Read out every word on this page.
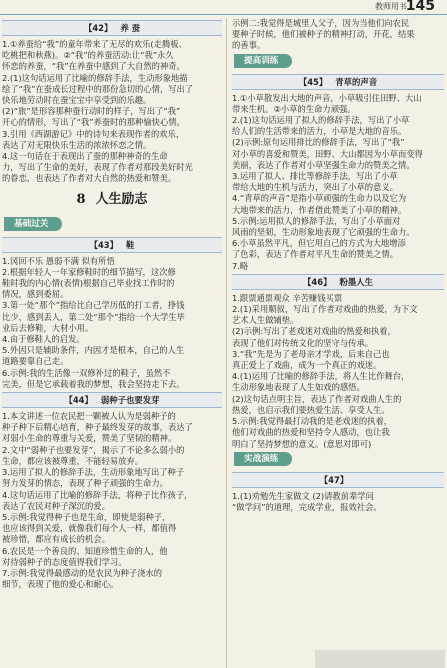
教师用书
145
【42】 养 蚕

1.①养蚕给“我”的童年带来了无尽的欢乐(走腾板、

吃桃把和秋燕)。②“我”的养蚕活动:让“我”永久

怀恋的养蚕，“我”在养蚕中感到了大自然的神奇。

2.(1)这句话运用了比喻的修辞手法，生动形象地描

绘了“我”在蚕成长过程中的那份急切的心情，写出了

快乐地劳动时在蚕宝宝中享受到的乐趣。

(2)“旅”是形容那种蚕行动时的样子，写出了“我”

开心的情形，写出了“我”养蚕时的那种愉快心情。

3.引用《西湖游记》中的诗句来表现作者的欢乐，

表达了对无限快乐生活的浓浓怀恋之情。

4.这一句话在于表现出了蚕的那种神奇的生命

力，写出了生命的美好，表现了作者对那段美好时光

的眷恋，也表达了作者对大自然的热爱和赞美。

8 人生励志
基础过关
【43】 鞋

1.冈回不乐 愚弱不满 似有所悟

2.根据年轻人一年家修鞋时的细节描写，这次修

鞋时我的内心情(表情)根据自己毕业找工作时的

情况，感到委屈。

3.第一处“那个”指给比自己学历低的打工者，挣钱

比少，感到丢人，第二处“那个”指给一个大学生毕

业后去修鞋，大材小用。

4.由于修鞋人的启发。

5.外因只是辅助条件，内因才是根本，自己的人生

道路要靠自己走。

6.示例:我的生活像一双修补过的鞋子，虽然不

完美，但是它承载着我的梦想，我会坚持走下去。

【44】 弱种子也要发芽

1.本文讲述一位农民把一颗被人认为是弱种子的

种子种下后精心培育，种子最终发芽的故事，表达了

对弱小生命的尊重与关爱，赞美了坚韧的精神。

2.文中“弱种子也要发芽”，揭示了不论多么弱小的

生命，都应该被尊重，不能轻易放弃。

3.运用了拟人的修辞手法，生动形象地写出了种子

努力发芽的情态，表现了种子顽强的生命力。

4.这句话运用了比喻的修辞手法，将种子比作孩子，

表达了农民对种子深沉的爱。

5.示例:我觉得种子也是生命，即使是弱种子，

也应该得到关爱，就像我们每个人一样，都值得

被珍惜，都应有成长的机会。

6.农民是一个善良的、知道珍惜生命的人，他

对待弱种子的态度值得我们学习。

7.示例:我觉得最感动的是农民为种子浇水的

细节，表现了他的爱心和耐心。

示例二:我觉得是城里人父子，因为当他们向农民

要种子时候，他们被种子的精神打动，开花，结果

的善事。

提高训练
【45】 青草的声音

1.①小草散发出大地的声音，小草吸引住田野、大山

带来生机。②小草的生命力顽强。

2.(1)这句话运用了拟人的修辞手法，写出了小草

给人们的生活带来的活力，小草是大地的音乐。

(2)示例:原句运用排比的修辞手法，写出了“我”

对小草的喜爱和赞美，田野、大山都因为小草而变得

美丽，表达了作者对小草坚强生命力的赞美之情。

3.运用了拟人、排比等修辞手法，写出了小草

带给大地的生机与活力，突出了小草的意义。

4.“青草的声音”是指小草顽强的生命力以及它为

大地带来的活力，作者借此赞美了小草的精神。

5.示例:运用拟人的修辞手法，写出了小草面对

风雨的坚韧，生动形象地表现了它顽强的生命力。

6.小草虽然平凡，但它用自己的方式为大地增添

了色彩，表达了作者对平凡生命的赞美之情。

7.略

【46】 粉墨人生

1.跟票通票观众 辛苦赚钱买票

2.(1)采用顺叙，写出了作者对戏曲的热爱，为下文

艺术人生做铺垫。

(2)示例:写出了老戏迷对戏曲的热爱和执着，

表现了他们对传统文化的坚守与传承。

3.“我”先是为了老母亲才学戏，后来自己也

真正爱上了戏曲，成为一个真正的戏迷。

4.(1)运用了比喻的修辞手法，将人生比作舞台，

生动形象地表现了人生如戏的感悟。

(2)这句话点明主旨，表达了作者对戏曲人生的

热爱，也启示我们要热爱生活、享受人生。

5.示例:我觉得最打动我的是老戏迷的执着，

他们对戏曲的热爱和坚持令人感动，也让我

明白了坚持梦想的意义。(意思对即可)

实战演练
【47】

1.(1)劝勉先生家做文 (2)请教前辈学问

“做学问”的道理，完成学业，报效社会。
